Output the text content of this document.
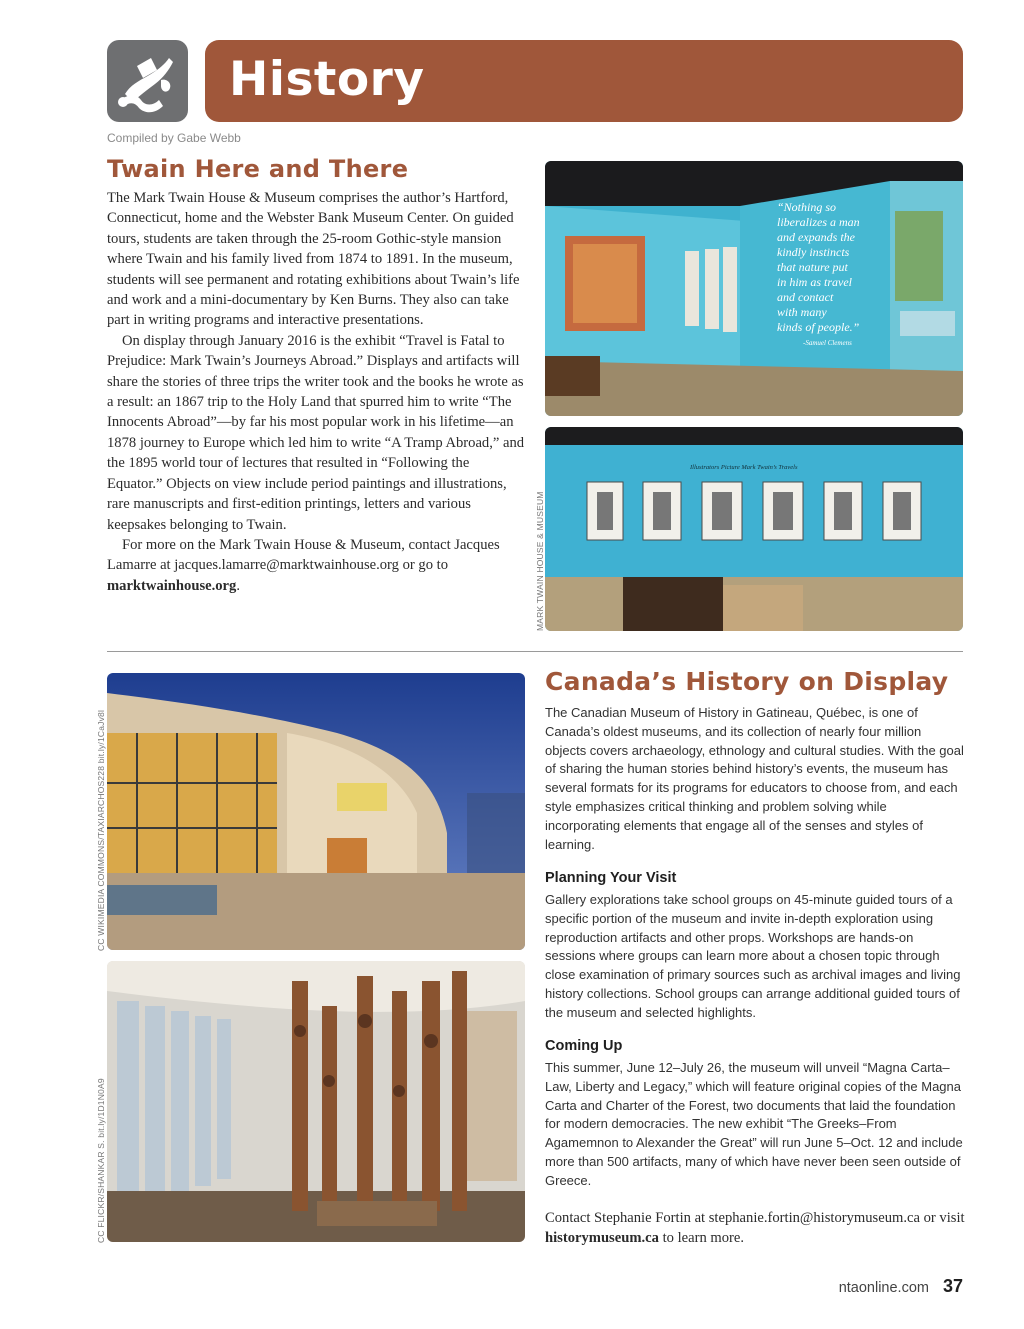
History
Compiled by Gabe Webb
Twain Here and There

The Mark Twain House & Museum comprises the author’s Hartford, Connecticut, home and the Webster Bank Museum Center. On guided tours, students are taken through the 25-room Gothic-style mansion where Twain and his family lived from 1874 to 1891. In the museum, students will see permanent and rotating exhibitions about Twain’s life and work and a mini-documentary by Ken Burns. They also can take part in writing programs and interactive presentations.

On display through January 2016 is the exhibit “Travel is Fatal to Prejudice: Mark Twain’s Journeys Abroad.” Displays and artifacts will share the stories of three trips the writer took and the books he wrote as a result: an 1867 trip to the Holy Land that spurred him to write “The Innocents Abroad”—by far his most popular work in his lifetime—an 1878 journey to Europe which led him to write “A Tramp Abroad,” and the 1895 world tour of lectures that resulted in “Following the Equator.” Objects on view include period paintings and illustrations, rare manuscripts and first-edition printings, letters and various keepsakes belonging to Twain.

For more on the Mark Twain House & Museum, contact Jacques Lamarre at jacques.lamarre@marktwainhouse.org or go to marktwainhouse.org.

“Nothing so liberalizes a man and expands the kindly instincts that nature put in him as travel and contact with many kinds of people.” -Samuel Clemens
Illustrators Picture Mark Twain’s Travels
MARK TWAIN HOUSE & MUSEUM
CC WIKIMEDIA COMMONS/TAXIARCHOS228 bit.ly/1CaJv8l
CC FLICKR/SHANKAR S. bit.ly/1D1N0A9
Canada’s History on Display
The Canadian Museum of History in Gatineau, Québec, is one of Canada’s oldest museums, and its collection of nearly four million objects covers archaeology, ethnology and cultural studies. With the goal of sharing the human stories behind history’s events, the museum has several formats for its programs for educators to choose from, and each style emphasizes critical thinking and problem solving while incorporating elements that engage all of the senses and styles of learning.
Planning Your Visit
Gallery explorations take school groups on 45-minute guided tours of a specific portion of the museum and invite in-depth exploration using reproduction artifacts and other props. Workshops are hands-on sessions where groups can learn more about a chosen topic through close examination of primary sources such as archival images and living history collections. School groups can arrange additional guided tours of the museum and selected highlights.
Coming Up
This summer, June 12–July 26, the museum will unveil “Magna Carta–Law, Liberty and Legacy,” which will feature original copies of the Magna Carta and Charter of the Forest, two documents that laid the foundation for modern democracies. The new exhibit “The Greeks–From Agamemnon to Alexander the Great” will run June 5–Oct. 12 and include more than 500 artifacts, many of which have never been seen outside of Greece.
Contact Stephanie Fortin at stephanie.fortin@historymuseum.ca or visit historymuseum.ca to learn more.
ntaonline.com 37
